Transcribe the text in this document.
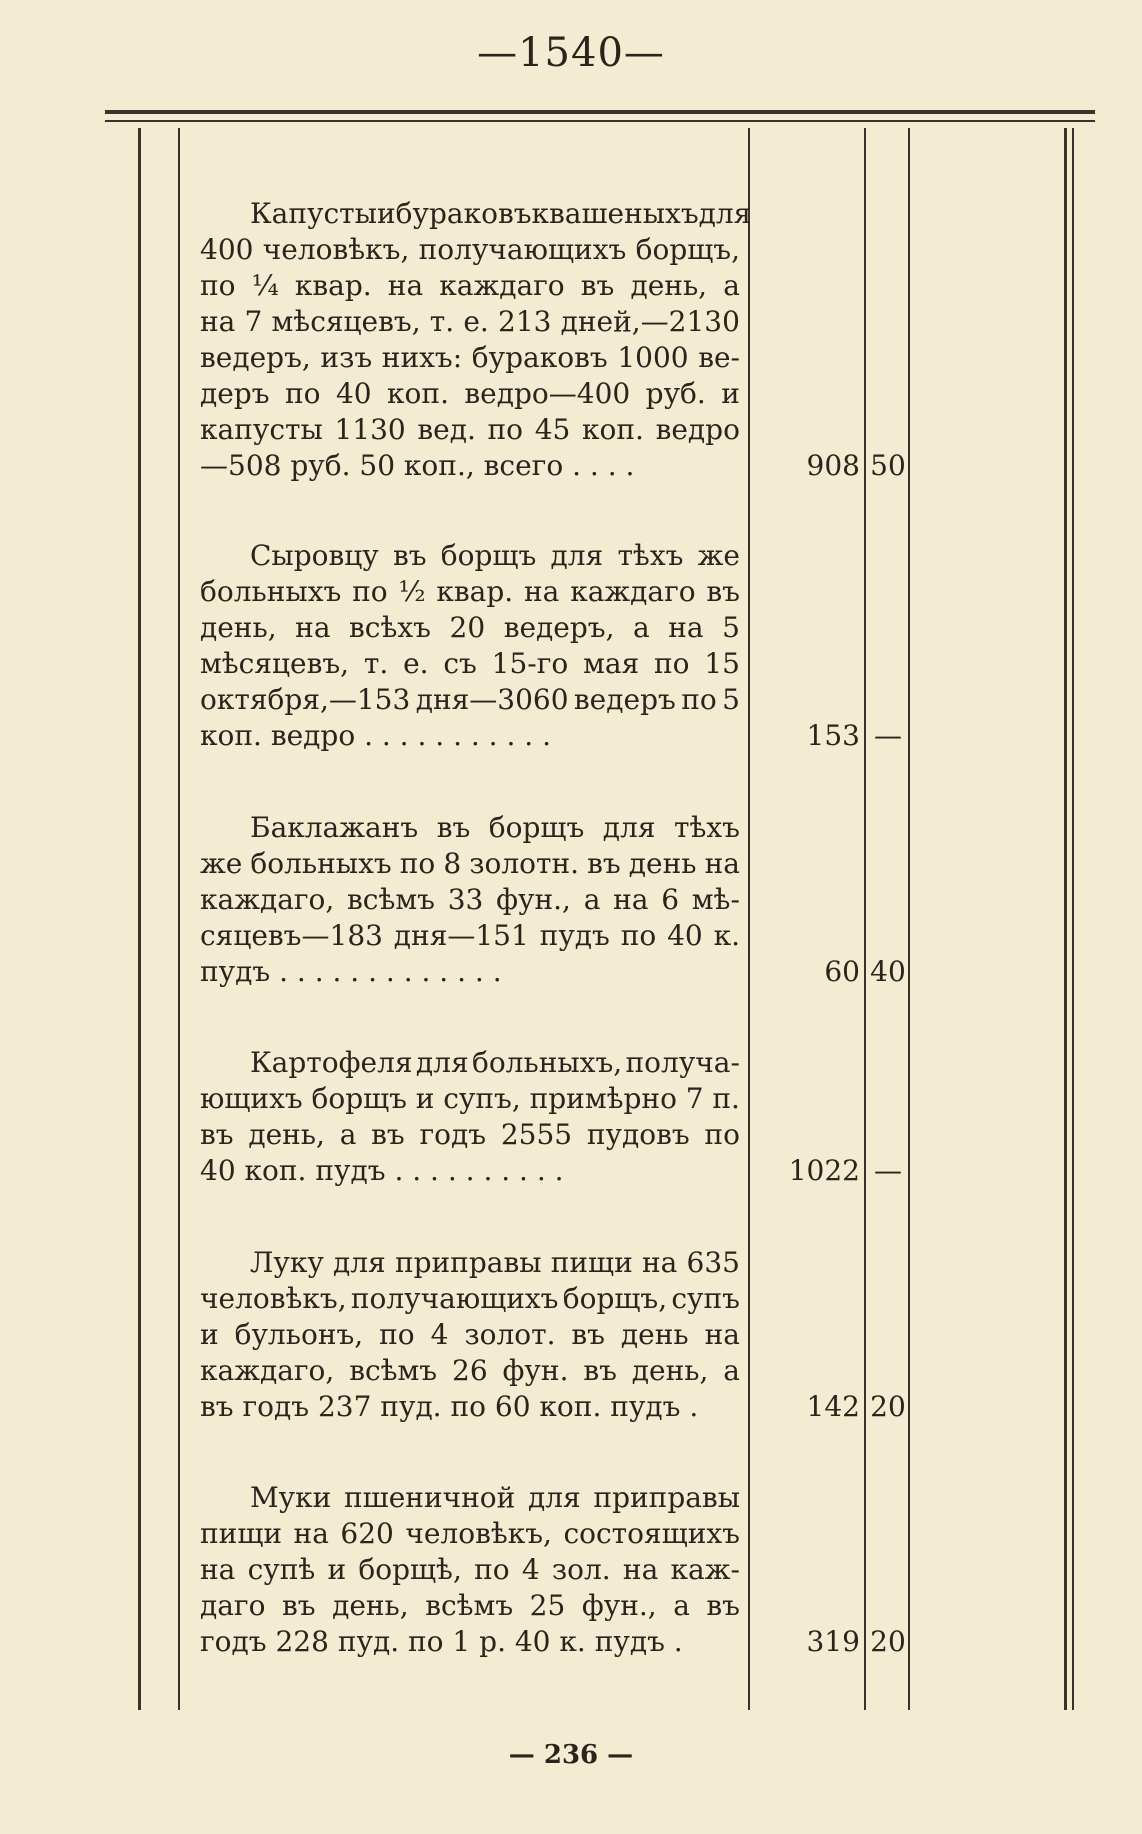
—1540—
Капусты и бураковъ квашеныхъ для
400 человѣкъ, получающихъ борщъ,
по ¼ квар. на каждаго въ день, а
на 7 мѣсяцевъ, т. е. 213 дней,—2130
ведеръ, изъ нихъ: бураковъ 1000 ве-
деръ по 40 коп. ведро—400 руб. и
капусты 1130 вед. по 45 коп. ведро
—508 руб. 50 коп., всего . . . .	908 50
Сыровцу въ борщъ для тѣхъ же
больныхъ по ½ квар. на каждаго въ
день, на всѣхъ 20 ведеръ, а на 5
мѣсяцевъ, т. е. съ 15-го мая по 15
октября,—153 дня—3060 ведеръ по 5
коп. ведро . . . . . . . . . . .	153 —
Баклажанъ въ борщъ для тѣхъ
же больныхъ по 8 золотн. въ день на
каждаго, всѣмъ 33 фун., а на 6 мѣ-
сяцевъ—183 дня—151 пудъ по 40 к.
пудъ . . . . . . . . . . . . .	60 40
Картофеля для больныхъ, получа-
ющихъ борщъ и супъ, примѣрно 7 п.
въ день, а въ годъ 2555 пудовъ по
40 коп. пудъ . . . . . . . . . .	1022 —
Луку для приправы пищи на 635
человѣкъ, получающихъ борщъ, супъ
и бульонъ, по 4 золот. въ день на
каждаго, всѣмъ 26 фун. въ день, а
въ годъ 237 пуд. по 60 коп. пудъ .	142 20
Муки пшеничной для приправы
пищи на 620 человѣкъ, состоящихъ
на супѣ и борщѣ, по 4 зол. на каж-
даго въ день, всѣмъ 25 фун., а въ
годъ 228 пуд. по 1 р. 40 к. пудъ .	319 20
— 236 —
